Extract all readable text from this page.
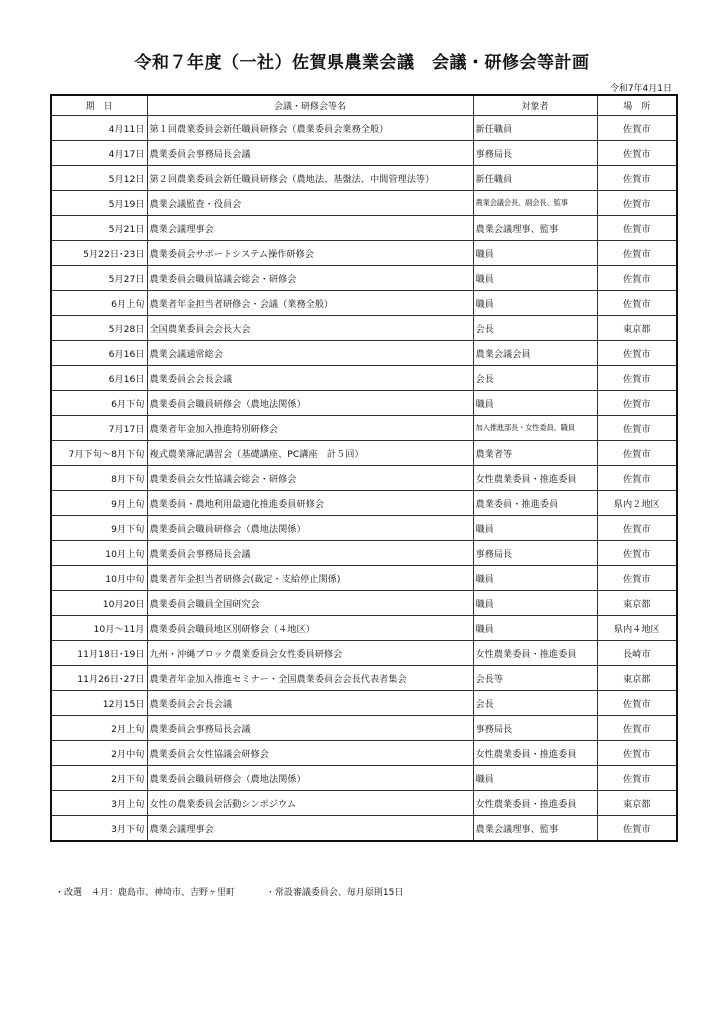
令和７年度（一社）佐賀県農業会議　会議・研修会等計画
令和7年4月1日
期　日	会議・研修会等名	対象者	場　所
4月11日	第１回農業委員会新任職員研修会（農業委員会業務全般）	新任職員	佐賀市
4月17日	農業委員会事務局長会議	事務局長	佐賀市
5月12日	第２回農業委員会新任職員研修会（農地法、基盤法、中間管理法等）	新任職員	佐賀市
5月19日	農業会議監査・役員会	農業会議会長、副会長、監事	佐賀市
5月21日	農業会議理事会	農業会議理事、監事	佐賀市
5月22日･23日	農業委員会サポートシステム操作研修会	職員	佐賀市
5月27日	農業委員会職員協議会総会・研修会	職員	佐賀市
6月上旬	農業者年金担当者研修会・会議（業務全般）	職員	佐賀市
5月28日	全国農業委員会会長大会	会長	東京都
6月16日	農業会議通常総会	農業会議会員	佐賀市
6月16日	農業委員会会長会議	会長	佐賀市
6月下旬	農業委員会職員研修会（農地法関係）	職員	佐賀市
7月17日	農業者年金加入推進特別研修会	加入推進部長・女性委員、職員	佐賀市
7月下旬～8月下旬	複式農業簿記講習会（基礎講座、PC講座　計５回）	農業者等	佐賀市
8月下旬	農業委員会女性協議会総会・研修会	女性農業委員・推進委員	佐賀市
9月上旬	農業委員・農地利用最適化推進委員研修会	農業委員・推進委員	県内２地区
9月下旬	農業委員会職員研修会（農地法関係）	職員	佐賀市
10月上旬	農業委員会事務局長会議	事務局長	佐賀市
10月中旬	農業者年金担当者研修会(裁定・支給停止関係)	職員	佐賀市
10月20日	農業委員会職員全国研究会	職員	東京都
10月～11月	農業委員会職員地区別研修会（４地区）	職員	県内４地区
11月18日･19日	九州・沖縄ブロック農業委員会女性委員研修会	女性農業委員・推進委員	長崎市
11月26日･27日	農業者年金加入推進セミナー・全国農業委員会会長代表者集会	会長等	東京都
12月15日	農業委員会会長会議	会長	佐賀市
2月上旬	農業委員会事務局長会議	事務局長	佐賀市
2月中旬	農業委員会女性協議会研修会	女性農業委員・推進委員	佐賀市
2月下旬	農業委員会職員研修会（農地法関係）	職員	佐賀市
3月上旬	女性の農業委員会活動シンポジウム	女性農業委員・推進委員	東京都
3月下旬	農業会議理事会	農業会議理事、監事	佐賀市
・改選　４月：鹿島市、神埼市、吉野ヶ里町	・常設審議委員会、毎月原則15日
